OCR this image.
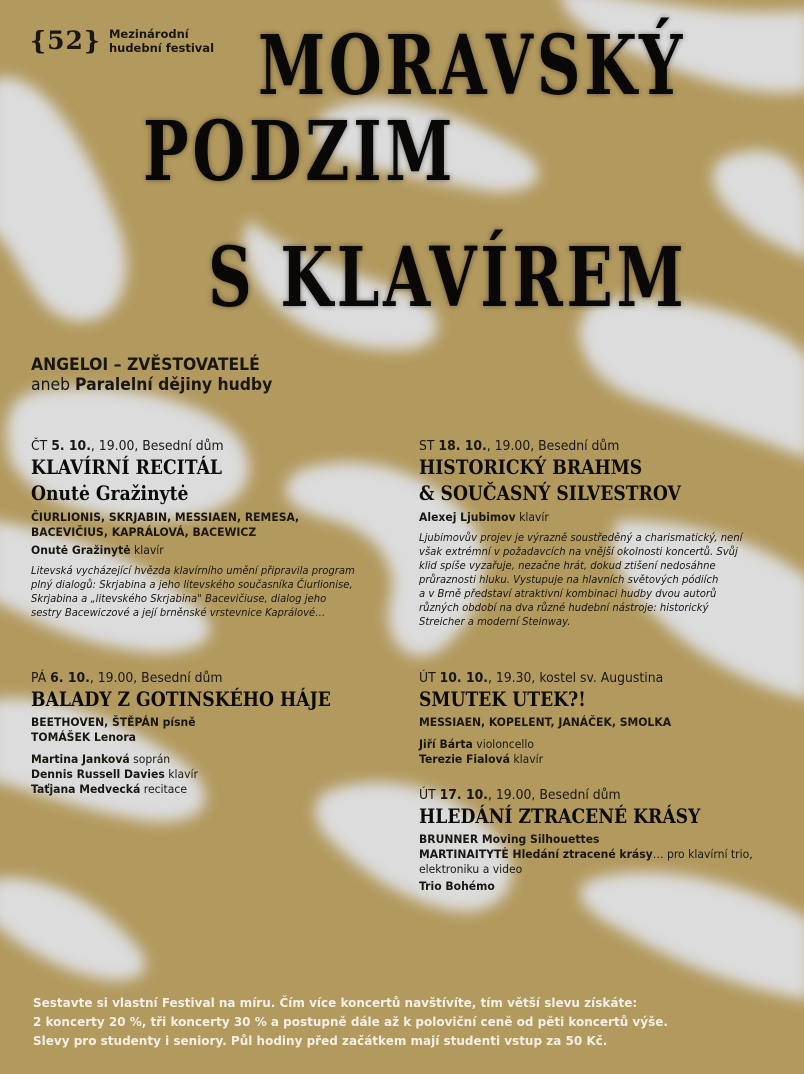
{52} Mezinárodní
hudební festival MORAVSKÝ
PODZIM
S KLAVÍREM
ANGELOI – ZVĚSTOVATELÉ
aneb Paralelní dějiny hudby
ČT 5. 10., 19.00, Besední dům
KLAVÍRNÍ RECITÁL
Onutė Gražinytė
ČIURLIONIS, SKRJABIN, MESSIAEN, REMESA,
BACEVIČIUS, KAPRÁLOVÁ, BACEWICZ
Onutė Gražinytė klavír
Litevská vycházející hvězda klavírního umění připravila program
plný dialogů: Skrjabina a jeho litevského současníka Čiurlionise,
Skrjabina a „litevského Skrjabina" Bacevičiuse, dialog jeho
sestry Bacewiczové a její brněnské vrstevnice Kaprálové…
ST 18. 10., 19.00, Besední dům
HISTORICKÝ BRAHMS
& SOUČASNÝ SILVESTROV
Alexej Ljubimov klavír
Ljubimovův projev je výrazně soustředěný a charismatický, není
však extrémní v požadavcích na vnější okolnosti koncertů. Svůj
klid spíše vyzařuje, nezačne hrát, dokud ztišení nedosáhne
průraznosti hluku. Vystupuje na hlavních světových pódiích
a v Brně představí atraktivní kombinaci hudby dvou autorů
různých období na dva různé hudební nástroje: historický
Streicher a moderní Steinway.
PÁ 6. 10., 19.00, Besední dům
BALADY Z GOTINSKÉHO HÁJE
BEETHOVEN, ŠTĚPÁN písně
TOMÁŠEK Lenora
Martina Janková soprán
Dennis Russell Davies klavír
Taťjana Medvecká recitace
ÚT 10. 10., 19.30, kostel sv. Augustina
SMUTEK UTEK?!
MESSIAEN, KOPELENT, JANÁČEK, SMOLKA
Jiří Bárta violoncello
Terezie Fialová klavír
ÚT 17. 10., 19.00, Besední dům
HLEDÁNÍ ZTRACENÉ KRÁSY
BRUNNER Moving Silhouettes
MARTINAITYTĖ Hledání ztracené krásy… pro klavírní trio,
elektroniku a video
Trio Bohémo
Sestavte si vlastní Festival na míru. Čím více koncertů navštívíte, tím větší slevu získáte:
2 koncerty 20 %, tři koncerty 30 % a postupně dále až k poloviční ceně od pěti koncertů výše.
Slevy pro studenty i seniory. Půl hodiny před začátkem mají studenti vstup za 50 Kč.
